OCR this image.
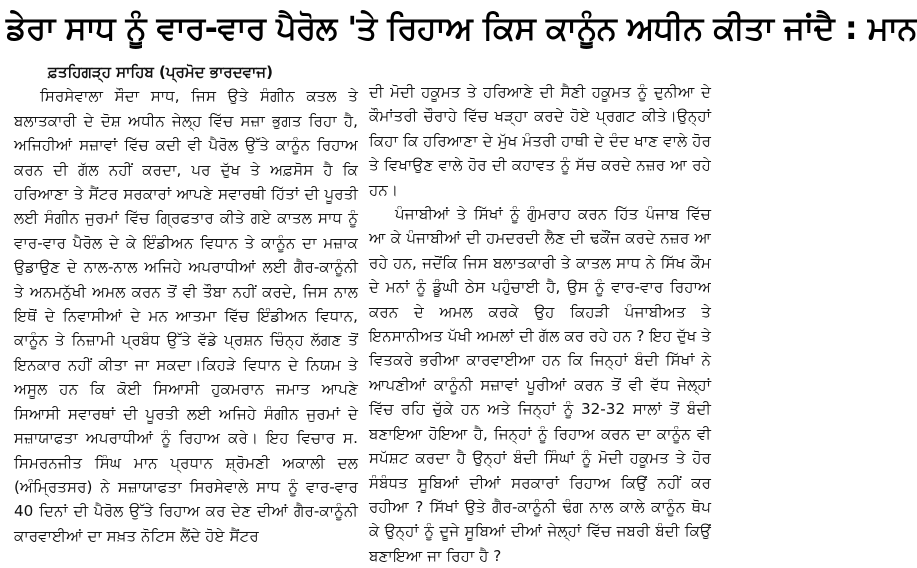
ਡੇਰਾ ਸਾਧ ਨੂੰ ਵਾਰ-ਵਾਰ ਪੈਰੋਲ 'ਤੇ ਰਿਹਾਅ ਕਿਸ ਕਾਨੂੰਨ ਅਧੀਨ ਕੀਤਾ ਜਾਂਦੈ : ਮਾਨ
ਫ਼ਤਹਿਗੜ੍ਹ ਸਾਹਿਬ (ਪ੍ਰਮੋਦ ਭਾਰਦਵਾਜ)

ਸਿਰਸੇਵਾਲਾ ਸੌਦਾ ਸਾਧ, ਜਿਸ ਉਤੇ ਸੰਗੀਨ ਕਤਲ ਤੇ ਬਲਾਤਕਾਰੀ ਦੇ ਦੋਸ਼ ਅਧੀਨ ਜੇਲ੍ਹ ਵਿੱਚ ਸਜ਼ਾ ਭੁਗਤ ਰਿਹਾ ਹੈ, ਅਜਿਹੀਆਂ ਸਜ਼ਾਵਾਂ ਵਿੱਚ ਕਦੀ ਵੀ ਪੈਰੋਲ ਉੱਤੇ ਕਾਨੂੰਨ ਰਿਹਾਅ ਕਰਨ ਦੀ ਗੱਲ ਨਹੀਂ ਕਰਦਾ, ਪਰ ਦੁੱਖ ਤੇ ਅਫ਼ਸੋਸ ਹੈ ਕਿ ਹਰਿਆਣਾ ਤੇ ਸੈਂਟਰ ਸਰਕਾਰਾਂ ਆਪਣੇ ਸਵਾਰਥੀ ਹਿੱਤਾਂ ਦੀ ਪੂਰਤੀ ਲਈ ਸੰਗੀਨ ਜੁਰਮਾਂ ਵਿੱਚ ਗ੍ਰਿਫਤਾਰ ਕੀਤੇ ਗਏ ਕਾਤਲ ਸਾਧ ਨੂੰ ਵਾਰ-ਵਾਰ ਪੈਰੋਲ ਦੇ ਕੇ ਇੰਡੀਅਨ ਵਿਧਾਨ ਤੇ ਕਾਨੂੰਨ ਦਾ ਮਜ਼ਾਕ ਉਡਾਉਣ ਦੇ ਨਾਲ-ਨਾਲ ਅਜਿਹੇ ਅਪਰਾਧੀਆਂ ਲਈ ਗੈਰ-ਕਾਨੂੰਨੀ ਤੇ ਅਨਮਨੁੱਖੀ ਅਮਲ ਕਰਨ ਤੋਂ ਵੀ ਤੌਬਾ ਨਹੀਂ ਕਰਦੇ, ਜਿਸ ਨਾਲ ਇਥੋਂ ਦੇ ਨਿਵਾਸੀਆਂ ਦੇ ਮਨ ਆਤਮਾ ਵਿੱਚ ਇੰਡੀਅਨ ਵਿਧਾਨ, ਕਾਨੂੰਨ ਤੇ ਨਿਜ਼ਾਮੀ ਪ੍ਰਬੰਧ ਉੱਤੇ ਵੱਡੇ ਪ੍ਰਸ਼ਨ ਚਿੰਨ੍ਹ ਲੱਗਣ ਤੋਂ ਇਨਕਾਰ ਨਹੀਂ ਕੀਤਾ ਜਾ ਸਕਦਾ।ਕਿਹੜੇ ਵਿਧਾਨ ਦੇ ਨਿਯਮ ਤੇ ਅਸੂਲ ਹਨ ਕਿ ਕੋਈ ਸਿਆਸੀ ਹੁਕਮਰਾਨ ਜਮਾਤ ਆਪਣੇ ਸਿਆਸੀ ਸਵਾਰਥਾਂ ਦੀ ਪੂਰਤੀ ਲਈ ਅਜਿਹੇ ਸੰਗੀਨ ਜੁਰਮਾਂ ਦੇ ਸਜ਼ਾਯਾਫਤਾ ਅਪਰਾਧੀਆਂ ਨੂੰ ਰਿਹਾਅ ਕਰੇ। ਇਹ ਵਿਚਾਰ ਸ. ਸਿਮਰਨਜੀਤ ਸਿੰਘ ਮਾਨ ਪ੍ਰਧਾਨ ਸ਼੍ਰੋਮਣੀ ਅਕਾਲੀ ਦਲ (ਅੰਮ੍ਰਿਤਸਰ) ਨੇ ਸਜ਼ਾਯਾਫਤਾ ਸਿਰਸੇਵਾਲੇ ਸਾਧ ਨੂੰ ਵਾਰ-ਵਾਰ 40 ਦਿਨਾਂ ਦੀ ਪੈਰੋਲ ਉੱਤੇ ਰਿਹਾਅ ਕਰ ਦੇਣ ਦੀਆਂ ਗੈਰ-ਕਾਨੂੰਨੀ ਕਾਰਵਾਈਆਂ ਦਾ ਸਖ਼ਤ ਨੋਟਿਸ ਲੈਂਦੇ ਹੋਏ ਸੈਂਟਰ

ਦੀ ਮੋਦੀ ਹਕੂਮਤ ਤੇ ਹਰਿਆਣੇ ਦੀ ਸੈਣੀ ਹਕੂਮਤ ਨੂੰ ਦੁਨੀਆ ਦੇ ਕੌਮਾਂਤਰੀ ਚੌਰਾਹੇ ਵਿੱਚ ਖੜ੍ਹਾ ਕਰਦੇ ਹੋਏ ਪ੍ਰਗਟ ਕੀਤੇ।ਉਨ੍ਹਾਂ ਕਿਹਾ ਕਿ ਹਰਿਆਣਾ ਦੇ ਮੁੱਖ ਮੰਤਰੀ ਹਾਥੀ ਦੇ ਦੰਦ ਖਾਣ ਵਾਲੇ ਹੋਰ ਤੇ ਵਿਖਾਉਣ ਵਾਲੇ ਹੋਰ ਦੀ ਕਹਾਵਤ ਨੂੰ ਸੱਚ ਕਰਦੇ ਨਜ਼ਰ ਆ ਰਹੇ ਹਨ।

ਪੰਜਾਬੀਆਂ ਤੇ ਸਿੱਖਾਂ ਨੂੰ ਗੁੰਮਰਾਹ ਕਰਨ ਹਿੱਤ ਪੰਜਾਬ ਵਿੱਚ ਆ ਕੇ ਪੰਜਾਬੀਆਂ ਦੀ ਹਮਦਰਦੀ ਲੈਣ ਦੀ ਢਕੌਂਜ ਕਰਦੇ ਨਜ਼ਰ ਆ ਰਹੇ ਹਨ, ਜਦੋਂਕਿ ਜਿਸ ਬਲਾਤਕਾਰੀ ਤੇ ਕਾਤਲ ਸਾਧ ਨੇ ਸਿੱਖ ਕੌਮ ਦੇ ਮਨਾਂ ਨੂੰ ਡੂੰਘੀ ਠੇਸ ਪਹੁੰਚਾਈ ਹੈ, ਉਸ ਨੂੰ ਵਾਰ-ਵਾਰ ਰਿਹਾਅ ਕਰਨ ਦੇ ਅਮਲ ਕਰਕੇ ਉਹ ਕਿਹੜੀ ਪੰਜਾਬੀਅਤ ਤੇ ਇਨਸਾਨੀਅਤ ਪੱਖੀ ਅਮਲਾਂ ਦੀ ਗੱਲ ਕਰ ਰਹੇ ਹਨ ? ਇਹ ਦੁੱਖ ਤੇ ਵਿਤਕਰੇ ਭਰੀਆ ਕਾਰਵਾਈਆ ਹਨ ਕਿ ਜਿਨ੍ਹਾਂ ਬੰਦੀ ਸਿੱਖਾਂ ਨੇ ਆਪਣੀਆਂ ਕਾਨੂੰਨੀ ਸਜ਼ਾਵਾਂ ਪੂਰੀਆਂ ਕਰਨ ਤੋਂ ਵੀ ਵੱਧ ਜੇਲ੍ਹਾਂ ਵਿੱਚ ਰਹਿ ਚੁੱਕੇ ਹਨ ਅਤੇ ਜਿਨ੍ਹਾਂ ਨੂੰ 32-32 ਸਾਲਾਂ ਤੋਂ ਬੰਦੀ ਬਣਾਇਆ ਹੋਇਆ ਹੈ, ਜਿਨ੍ਹਾਂ ਨੂੰ ਰਿਹਾਅ ਕਰਨ ਦਾ ਕਾਨੂੰਨ ਵੀ ਸਪੱਸ਼ਟ ਕਰਦਾ ਹੈ ਉਨ੍ਹਾਂ ਬੰਦੀ ਸਿੰਘਾਂ ਨੂੰ ਮੋਦੀ ਹਕੂਮਤ ਤੇ ਹੋਰ ਸੰਬੰਧਤ ਸੂਬਿਆਂ ਦੀਆਂ ਸਰਕਾਰਾਂ ਰਿਹਾਅ ਕਿਉਂ ਨਹੀਂ ਕਰ ਰਹੀਆ ? ਸਿੱਖਾਂ ਉਤੇ ਗੈਰ-ਕਾਨੂੰਨੀ ਢੰਗ ਨਾਲ ਕਾਲੇ ਕਾਨੂੰਨ ਥੋਪ ਕੇ ਉਨ੍ਹਾਂ ਨੂੰ ਦੂਜੇ ਸੂਬਿਆਂ ਦੀਆਂ ਜੇਲ੍ਹਾਂ ਵਿੱਚ ਜਬਰੀ ਬੰਦੀ ਕਿਉਂ ਬਣਾਇਆ ਜਾ ਰਿਹਾ ਹੈ ?
